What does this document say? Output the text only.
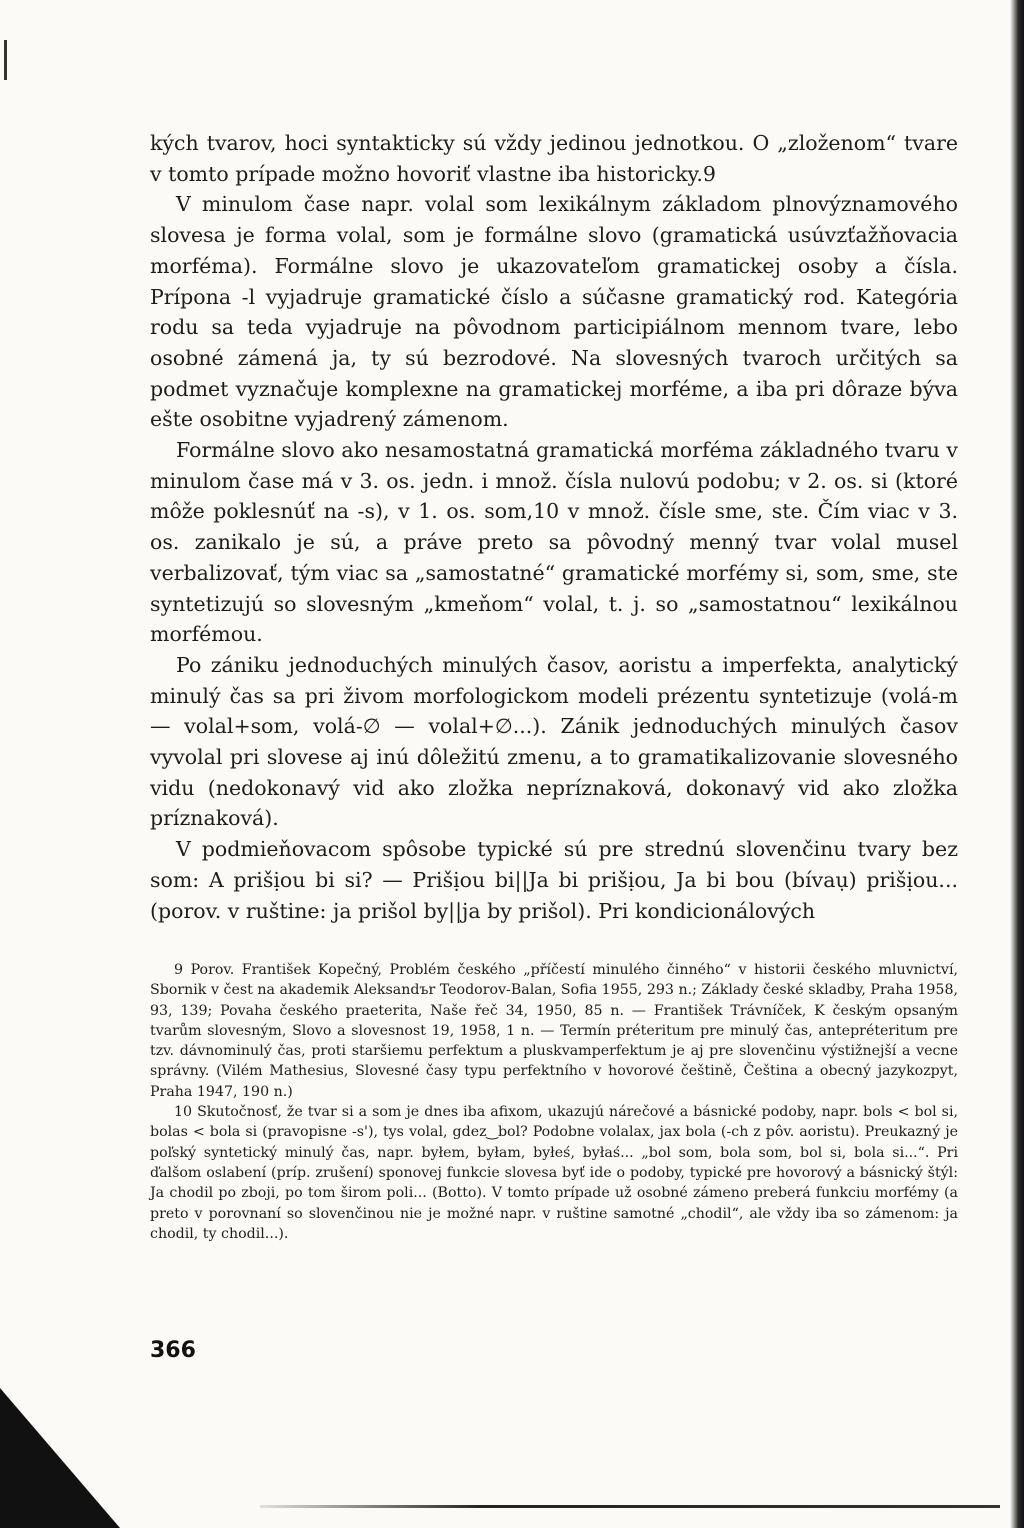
kých tvarov, hoci syntakticky sú vždy jedinou jednotkou. O „zloženom“ tvare v tomto prípade možno hovoriť vlastne iba historicky.9

V minulom čase napr. volal som lexikálnym základom plnovýznamového slovesa je forma volal, som je formálne slovo (gramatická usúvzťažňovacia morféma). Formálne slovo je ukazovateľom gramatickej osoby a čísla. Prípona -l vyjadruje gramatické číslo a súčasne gramatický rod. Kategória rodu sa teda vyjadruje na pôvodnom participiálnom mennom tvare, lebo osobné zámená ja, ty sú bezrodové. Na slovesných tvaroch určitých sa podmet vyznačuje komplexne na gramatickej morféme, a iba pri dôraze býva ešte osobitne vyjadrený zámenom.

Formálne slovo ako nesamostatná gramatická morféma základného tvaru v minulom čase má v 3. os. jedn. i množ. čísla nulovú podobu; v 2. os. si (ktoré môže poklesnúť na -s), v 1. os. som,10 v množ. čísle sme, ste. Čím viac v 3. os. zanikalo je sú, a práve preto sa pôvodný menný tvar volal musel verbalizovať, tým viac sa „samostatné“ gramatické morfémy si, som, sme, ste syntetizujú so slovesným „kmeňom“ volal, t. j. so „samostatnou“ lexikálnou morfémou.

Po zániku jednoduchých minulých časov, aoristu a imperfekta, analytický minulý čas sa pri živom morfologickom modeli prézentu syntetizuje (volá-m — volal+som, volá-∅ — volal+∅...). Zánik jednoduchých minulých časov vyvolal pri slovese aj inú dôležitú zmenu, a to gramatikalizovanie slovesného vidu (nedokonavý vid ako zložka nepríznaková, dokonavý vid ako zložka príznaková).

V podmieňovacom spôsobe typické sú pre strednú slovenčinu tvary bez som: A prišịou bi si? — Prišịou bi||Ja bi prišịou, Ja bi bou (bívaụ) prišịou... (porov. v ruštine: ja prišol by||ja by prišol). Pri kondicionálových

9 Porov. František Kopečný, Problém českého „příčestí minulého činného“ v historii českého mluvnictví, Sbornik v čest na akademik Aleksandъr Teodorov-Balan, Sofia 1955, 293 n.; Základy české skladby, Praha 1958, 93, 139; Povaha českého praeterita, Naše řeč 34, 1950, 85 n. — František Trávníček, K českým opsaným tvarům slovesným, Slovo a slovesnost 19, 1958, 1 n. — Termín préteritum pre minulý čas, antepréteritum pre tzv. dávnominulý čas, proti staršiemu perfektum a pluskvamperfektum je aj pre slovenčinu výstižnejší a vecne správny. (Vilém Mathesius, Slovesné časy typu perfektního v hovorové češtině, Čeština a obecný jazykozpyt, Praha 1947, 190 n.)

10 Skutočnosť, že tvar si a som je dnes iba afixom, ukazujú nárečové a básnické podoby, napr. bols < bol si, bolas < bola si (pravopisne -s'), tys volal, gdez‿bol? Podobne volalax, jax bola (-ch z pôv. aoristu). Preukazný je poľský syntetický minulý čas, napr. byłem, byłam, byłeś, byłaś... „bol som, bola som, bol si, bola si...“. Pri ďalšom oslabení (príp. zrušení) sponovej funkcie slovesa byť ide o podoby, typické pre hovorový a básnický štýl: Ja chodil po zboji, po tom širom poli... (Botto). V tomto prípade už osobné zámeno preberá funkciu morfémy (a preto v porovnaní so slovenčinou nie je možné napr. v ruštine samotné „chodil“, ale vždy iba so zámenom: ja chodil, ty chodil...).

366
